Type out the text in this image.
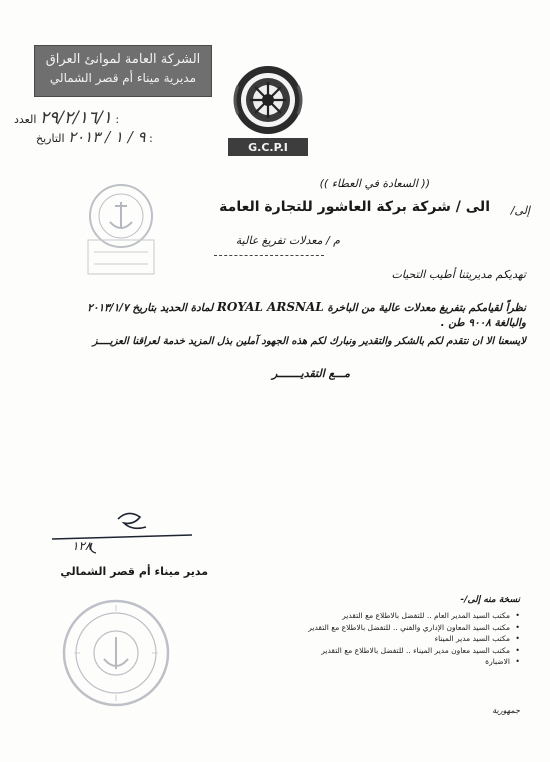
الشركة العامة لموانئ العراق
مديرية ميناء أم قصر الشمالي
G.C.P.I
٢٩/٢/١٦/١ العدد :
٩ / ١ / ٢٠١٣ التاريخ :
(( السعادة في العطاء ))
إلى/
الى / شركة بركة العاشور للتجارة العامة
م / معدلات تفريغ عالية
تهديكم مديريتنا أطيب التحيات
نظراً لقيامكم بتفريغ معدلات عالية من الباخرة ROYAL ARSNAL لمادة الحديد بتاريخ ٢٠١٣/١/٧
والبالغة ٩٠٠٨ طن .
لايسعنا الا ان نتقدم لكم بالشكر والتقدير ونبارك لكم هذه الجهود آملين بذل المزيد خدمة لعراقنا العزيــــز
مـــع التقديـــــــر
١٢٨
مدير ميناء أم قصر الشمالي
نسخة منه إلى/-
• مكتب السيد المدير العام .. للتفضل بالاطلاع مع التقدير
• مكتب السيد المعاون الإداري والفني .. للتفضل بالاطلاع مع التقدير
• مكتب السيد مدير الميناء
• مكتب السيد معاون مدير الميناء .. للتفضل بالاطلاع مع التقدير
• الاضبارة
جمهورية
